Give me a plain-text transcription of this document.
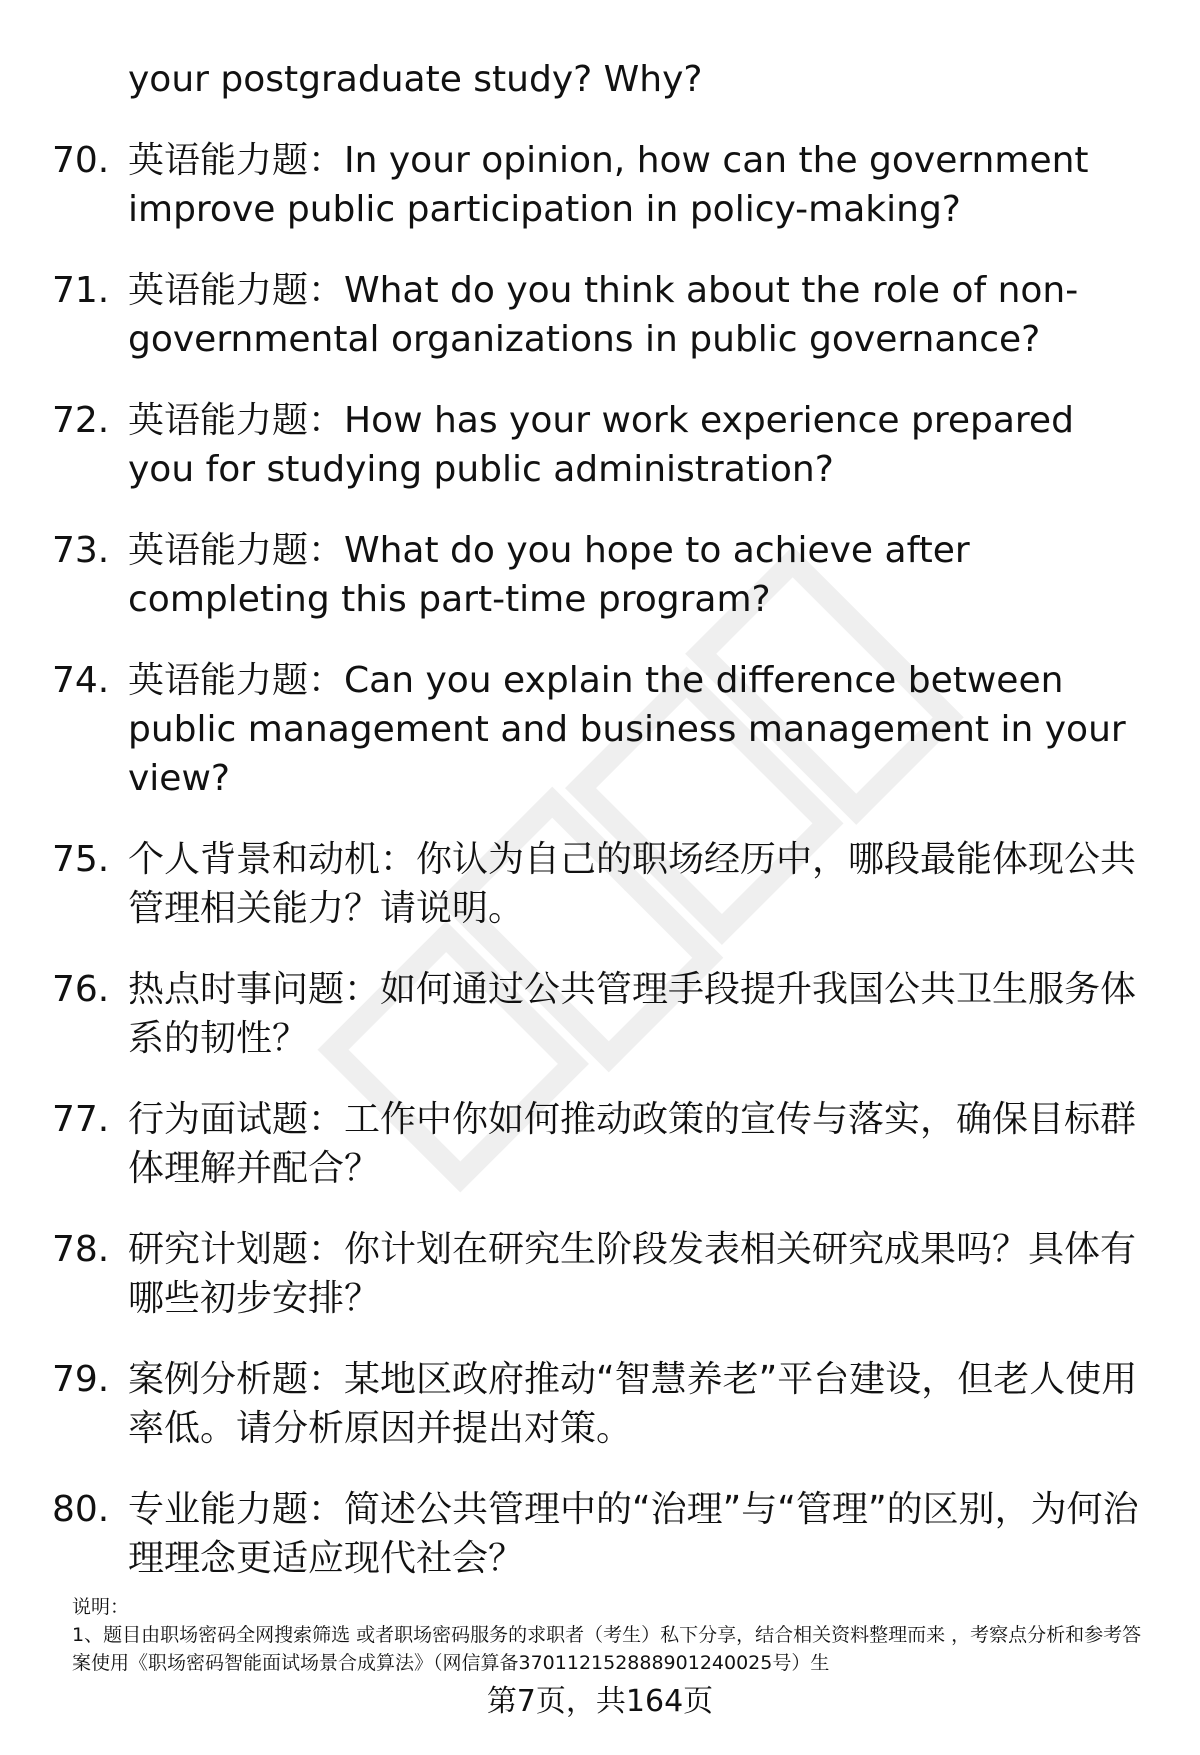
your postgraduate study? Why?
70. 英语能力题：In your opinion, how can the government improve public participation in policy-making?
71. 英语能力题：What do you think about the role of non-governmental organizations in public governance?
72. 英语能力题：How has your work experience prepared you for studying public administration?
73. 英语能力题：What do you hope to achieve after completing this part-time program?
74. 英语能力题：Can you explain the difference between public management and business management in your view?
75. 个人背景和动机：你认为自己的职场经历中，哪段最能体现公共管理相关能力？请说明。
76. 热点时事问题：如何通过公共管理手段提升我国公共卫生服务体系的韧性？
77. 行为面试题：工作中你如何推动政策的宣传与落实，确保目标群体理解并配合？
78. 研究计划题：你计划在研究生阶段发表相关研究成果吗？具体有哪些初步安排？
79. 案例分析题：某地区政府推动“智慧养老”平台建设，但老人使用率低。请分析原因并提出对策。
80. 专业能力题：简述公共管理中的“治理”与“管理”的区别，为何治理理念更适应现代社会？
说明：
1、题目由职场密码全网搜索筛选 或者职场密码服务的求职者（考生）私下分享，结合相关资料整理而来 ，考察点分析和参考答案使用《职场密码智能面试场景合成算法》（网信算备370112152888901240025号）生
第7页，共164页
